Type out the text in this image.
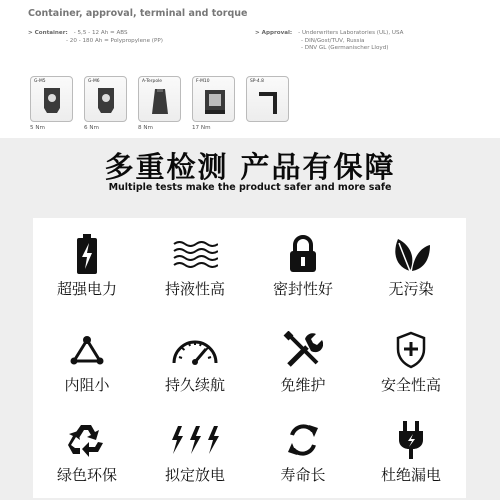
Container, approval, terminal and torque
> Container: - 5,5 - 12 Ah = ABS
- 20 - 180 Ah = Polypropylene (PP)
> Approval: - Underwriters Laboratories (UL), USA
- DIN/Gost/TUV, Russia
- DNV GL (Germanischer Lloyd)
G-M5
5 Nm
G-M6
6 Nm
A-Terpole
8 Nm
F-M10
17 Nm
SP-4.8
多重检测 产品有保障
Multiple tests make the product safer and more safe
超强电力	持液性高	密封性好	无污染
内阻小	持久续航	免维护	安全性高
绿色环保	拟定放电	寿命长	杜绝漏电
